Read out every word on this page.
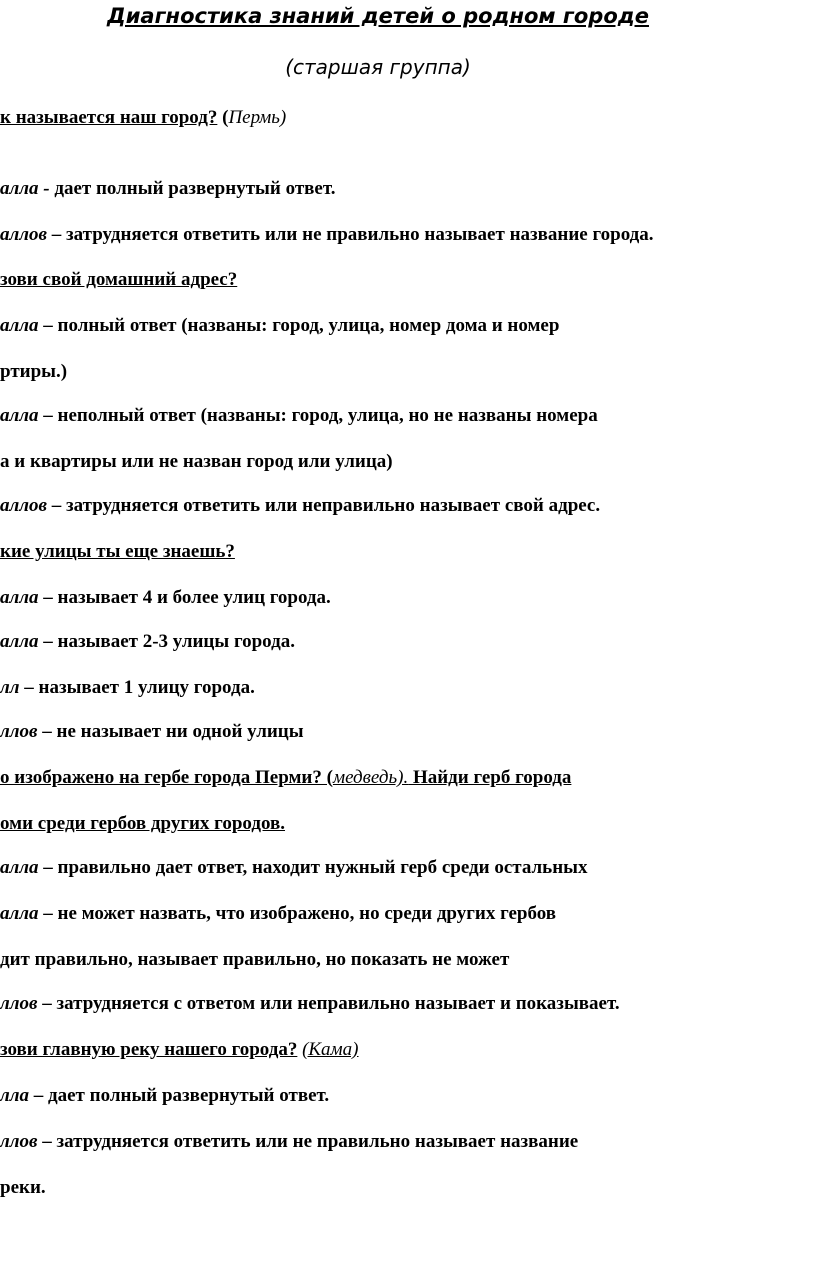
Диагностика знаний детей о родном городе
(старшая группа)
к называется наш город? (Пермь)
алла - дает полный развернутый ответ.
аллов – затрудняется ответить или не правильно называет название города.
зови свой домашний адрес?
алла – полный ответ (названы: город, улица, номер дома и номер
ртиры.)
алла – неполный ответ (названы: город, улица, но не названы номера
а и квартиры или не назван город или улица)
аллов – затрудняется ответить или неправильно называет свой адрес.
кие улицы ты еще знаешь?
алла – называет 4 и более улиц города.
алла – называет 2-3 улицы города.
лл – называет 1 улицу города.
ллов – не называет ни одной улицы
о изображено на гербе города Перми? (медведь). Найди герб города
оми среди гербов других городов.
алла – правильно дает ответ, находит нужный герб среди остальных
алла – не может назвать, что изображено, но среди других гербов
дит правильно, называет правильно, но показать не может
ллов – затрудняется с ответом или неправильно называет и показывает.
зови главную реку нашего города? (Кама)
лла – дает полный развернутый ответ.
ллов – затрудняется ответить или не правильно называет название
реки.
